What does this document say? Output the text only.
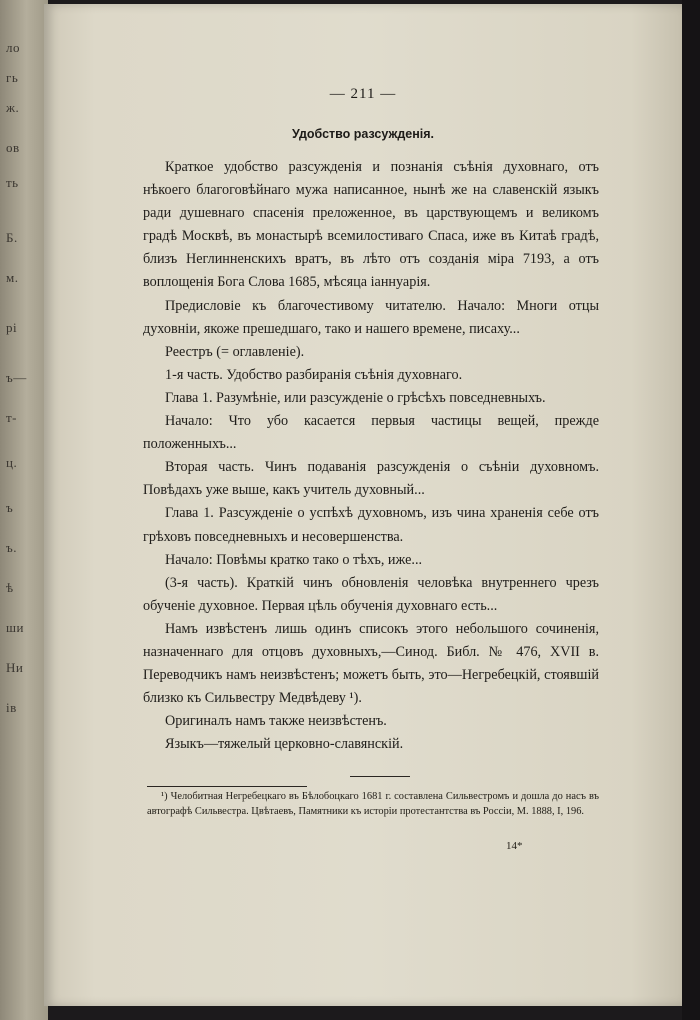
ло
гь
ж.
ов
ть
Б.
м.
рі
ъ—
т-
ц.
ъ
ъ.
ѣ
ши
Ни
ів
— 211 —
Удобство разсужденія.

Краткое удобство разсужденія и познанія съѣнія духовнаго, отъ нѣкоего благоговѣйнаго мужа написанное, нынѣ же на славенскій языкъ ради душевнаго спасенія преложенное, въ царствующемъ и великомъ градѣ Москвѣ, въ монастырѣ всемилостиваго Спаса, иже въ Китаѣ градѣ, близъ Неглинненскихъ вратъ, въ лѣто отъ созданія міра 7193, а отъ воплощенія Бога Слова 1685, мѣсяца іаннуарія.

Предисловіе къ благочестивому читателю. Начало: Многи отцы духовніи, якоже прешедшаго, тако и нашего времене, писаху...

Реестръ (= оглавленіе).

1-я часть. Удобство разбиранія съѣнія духовнаго.

Глава 1. Разумѣніе, или разсужденіе о грѣсѣхъ повседневныхъ.

Начало: Что убо касается первыя частицы вещей, прежде положенныхъ...

Вторая часть. Чинъ подаванія разсужденія о съѣніи духовномъ. Повѣдахъ уже выше, какъ учитель духовный...

Глава 1. Разсужденіе о успѣхѣ духовномъ, изъ чина храненія себе отъ грѣховъ повседневныхъ и несовершенства.

Начало: Повѣмы кратко тако о тѣхъ, иже...

(3-я часть). Краткій чинъ обновленія человѣка внутреннего чрезъ обученіе духовное. Первая цѣль обученія духовнаго есть...

Намъ извѣстенъ лишь одинъ списокъ этого небольшого сочиненія, назначеннаго для отцовъ духовныхъ,—Синод. Библ. № 476, XVII в. Переводчикъ намъ неизвѣстенъ; можетъ быть, это—Негребецкій, стоявшій близко къ Сильвестру Медвѣдеву ¹).

Оригиналъ намъ также неизвѣстенъ.

Языкъ—тяжелый церковно-славянскій.

¹) Челобитная Негребецкаго въ Бѣлобоцкаго 1681 г. составлена Сильвестромъ и дошла до насъ въ автографѣ Сильвестра. Цвѣтаевъ, Памятники къ исторіи протестантства въ Россіи, М. 1888, I, 196.

14*
